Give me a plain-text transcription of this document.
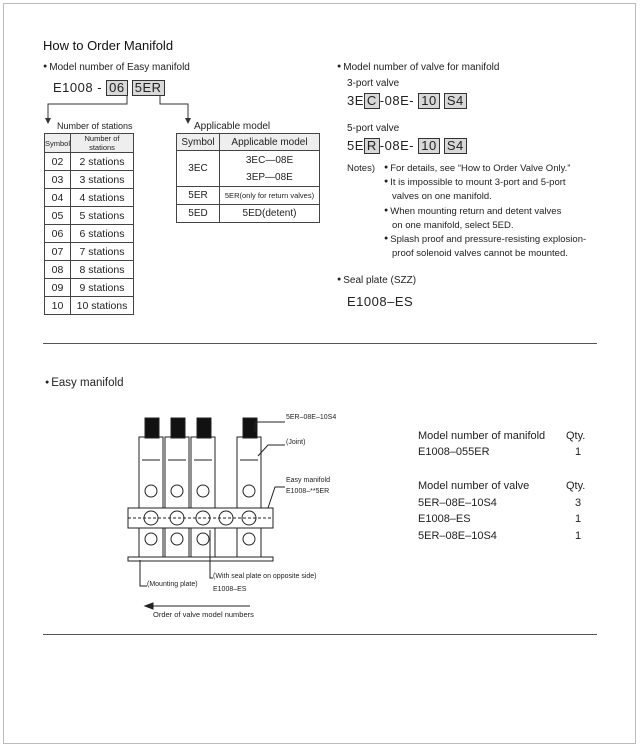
How to Order Manifold
● Model number of Easy manifold
E1008 - 06 5ER
Number of stations	Applicable model
Symbol	Number of stations
02	2 stations
03	3 stations
04	4 stations
05	5 stations
06	6 stations
07	7 stations
08	8 stations
09	9 stations
10	10 stations
Symbol	Applicable model
3EC	3EC—08E
3EP—08E

5ER	5ER(only for return valves)
5ED	5ED(detent)
● Model number of valve for manifold
3-port valve
3E C -08E- 10 S4
5-port valve
5E R -08E- 10 S4
Notes)	● For details, see “How to Order Valve Only.”
● It is impossible to mount 3-port and 5-port
valves on one manifold.
● When mounting return and detent valves
on one manifold, select 5ED.
● Splash proof and pressure-resisting explosion-
proof solenoid valves cannot be mounted.
● Seal plate (SZZ)
E1008–ES
● Easy manifold
5ER–08E–10S4
(Joint)
Easy manifold
E1008–**5ER
(Mounting plate)
(With seal plate on opposite side)
E1008–ES
Order of valve model numbers
Model number of manifold Qty.
E1008–055ER	1
Model number of valve	Qty.
5ER–08E–10S4	3
E1008–ES	1
5ER–08E–10S4	1
